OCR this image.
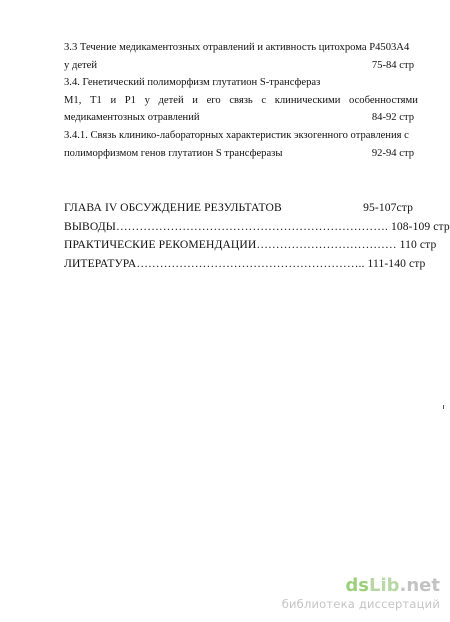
3.3 Течение медикаментозных отравлений и активность цитохрома Р4503А4
у детей	75-84 стр
3.4. Генетический полиморфизм глутатион S-трансфераз
М1, Т1 и Р1 у детей и его связь с клиническими особенностями
медикаментозных отравлений	84-92 стр
3.4.1. Связь клинико-лабораторных характеристик экзогенного отравления с
полиморфизмом генов глутатион S трансферазы	92-94 стр
ГЛАВА IV ОБСУЖДЕНИЕ РЕЗУЛЬТАТОВ	95-107стр
ВЫВОДЫ……………………………………………………………. 108-109 стр
ПРАКТИЧЕСКИЕ РЕКОМЕНДАЦИИ……………………………… 110 стр
ЛИТЕРАТУРА………………………………………………….. 111-140 стр
dsLib.net
библиотека диссертаций
